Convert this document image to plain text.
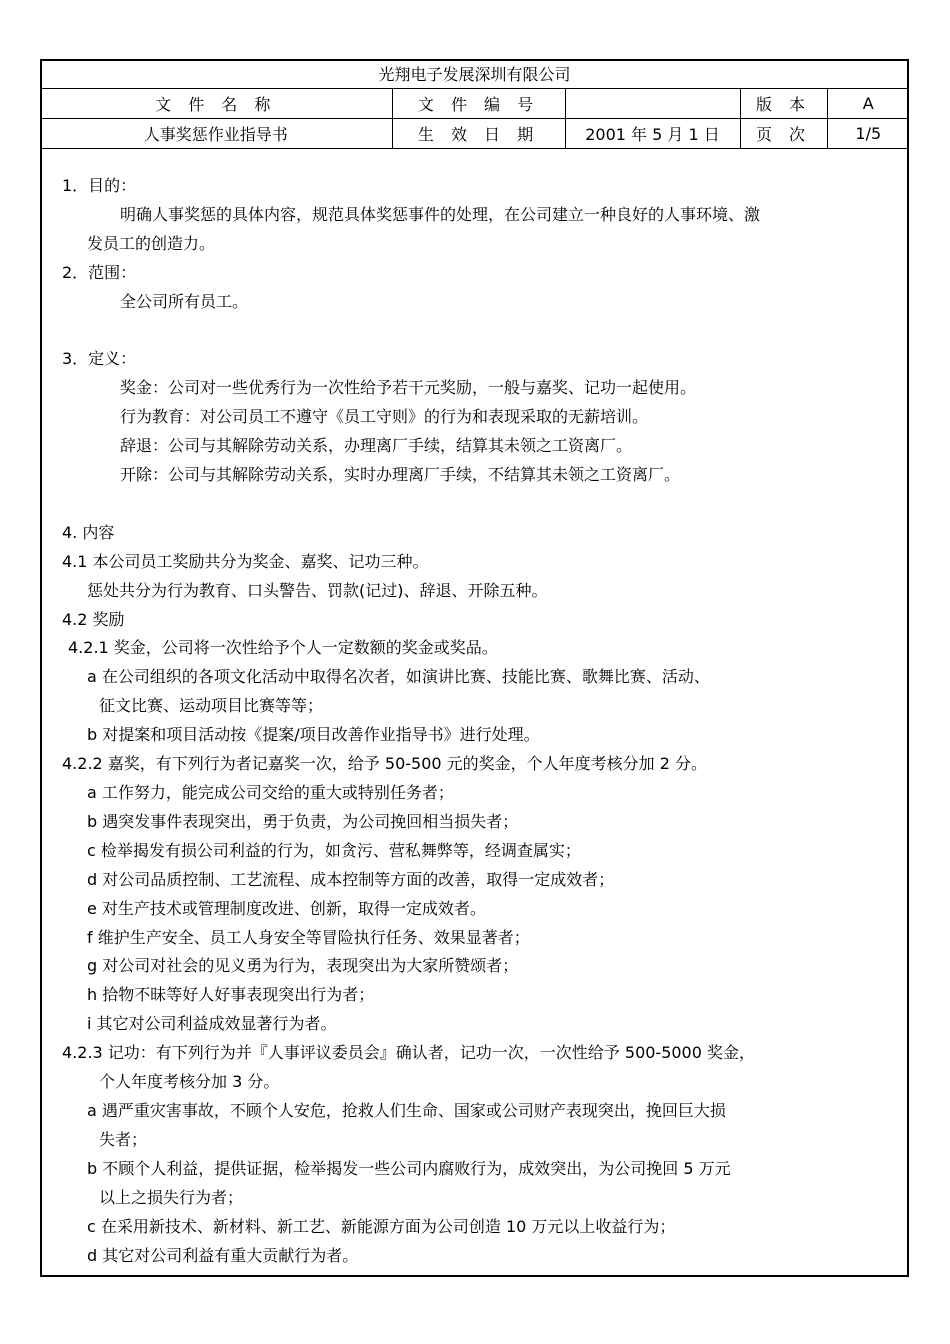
光翔电子发展深圳有限公司				
文 件 名 称	文 件 编 号		版 本	A
人事奖惩作业指导书	生 效 日 期	2001 年 5 月 1 日	页 次	1/5
1．目的：
明确人事奖惩的具体内容，规范具体奖惩事件的处理，在公司建立一种良好的人事环境、激
发员工的创造力。
2．范围：
全公司所有员工。
3．定义：
奖金：公司对一些优秀行为一次性给予若干元奖励，一般与嘉奖、记功一起使用。
行为教育：对公司员工不遵守《员工守则》的行为和表现采取的无薪培训。
辞退：公司与其解除劳动关系，办理离厂手续，结算其未领之工资离厂。
开除：公司与其解除劳动关系，实时办理离厂手续，不结算其未领之工资离厂。
4. 内容
4.1 本公司员工奖励共分为奖金、嘉奖、记功三种。
惩处共分为行为教育、口头警告、罚款(记过)、辞退、开除五种。
4.2 奖励
4.2.1 奖金，公司将一次性给予个人一定数额的奖金或奖品。
a 在公司组织的各项文化活动中取得名次者，如演讲比赛、技能比赛、歌舞比赛、活动、
征文比赛、运动项目比赛等等；
b 对提案和项目活动按《提案/项目改善作业指导书》进行处理。
4.2.2 嘉奖，有下列行为者记嘉奖一次，给予 50-500 元的奖金，个人年度考核分加 2 分。
a 工作努力，能完成公司交给的重大或特别任务者；
b 遇突发事件表现突出，勇于负责，为公司挽回相当损失者；
c 检举揭发有损公司利益的行为，如贪污、营私舞弊等，经调查属实；
d 对公司品质控制、工艺流程、成本控制等方面的改善，取得一定成效者；
e 对生产技术或管理制度改进、创新，取得一定成效者。
f 维护生产安全、员工人身安全等冒险执行任务、效果显著者；
g 对公司对社会的见义勇为行为，表现突出为大家所赞颂者；
h 拾物不昧等好人好事表现突出行为者；
i 其它对公司利益成效显著行为者。
4.2.3 记功：有下列行为并『人事评议委员会』确认者，记功一次，一次性给予 500-5000 奖金，
个人年度考核分加 3 分。
a 遇严重灾害事故，不顾个人安危，抢救人们生命、国家或公司财产表现突出，挽回巨大损
失者；
b 不顾个人利益，提供证据，检举揭发一些公司内腐败行为，成效突出，为公司挽回 5 万元
以上之损失行为者；
c 在采用新技术、新材料、新工艺、新能源方面为公司创造 10 万元以上收益行为；
d 其它对公司利益有重大贡献行为者。
